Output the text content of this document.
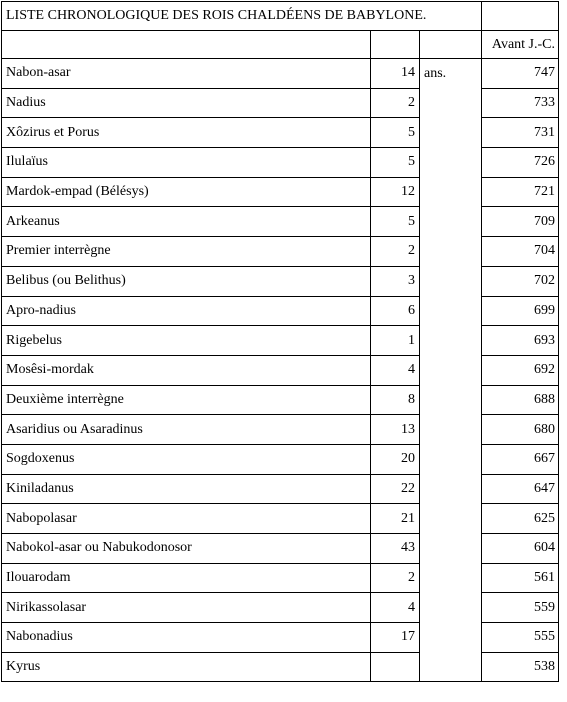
LISTE CHRONOLOGIQUE DES ROIS CHALDÉENS DE BABYLONE.			
			Avant J.-C.
Nabon-asar	14	ans.	747
Nadius	2		733
Xôzirus et Porus	5		731
Ilulaïus	5		726
Mardok-empad (Bélésys)	12		721
Arkeanus	5		709
Premier interrègne	2		704
Belibus (ou Belithus)	3		702
Apro-nadius	6		699
Rigebelus	1		693
Mosêsi-mordak	4		692
Deuxième interrègne	8		688
Asaridius ou Asaradinus	13		680
Sogdoxenus	20		667
Kiniladanus	22		647
Nabopolasar	21		625
Nabokol-asar ou Nabukodonosor	43		604
Ilouarodam	2		561
Nirikassolasar	4		559
Nabonadius	17		555
Kyrus			538
